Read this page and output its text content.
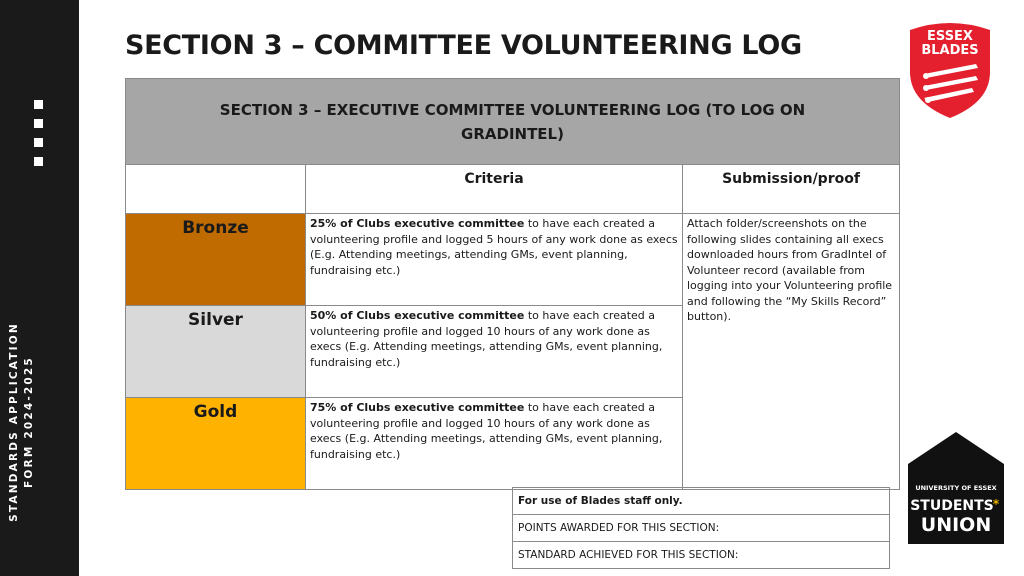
STANDARDS APPLICATION FORM 2024-2025
SECTION 3 – COMMITTEE VOLUNTEERING LOG	ESSEX
BLADES
UNIVERSITY OF ESSEX
STUDENTS *
UNION
SECTION 3 – EXECUTIVE COMMITTEE VOLUNTEERING LOG (TO LOG ON GRADINTEL)		
	Criteria	Submission/proof
Bronze	25% of Clubs executive committee to have each created a volunteering profile and logged 5 hours of any work done as execs (E.g. Attending meetings, attending GMs, event planning, fundraising etc.)	Attach folder/screenshots on the following slides containing all execs downloaded hours from GradIntel of Volunteer record (available from logging into your Volunteering profile and following the “My Skills Record” button).
Silver	50% of Clubs executive committee to have each created a volunteering profile and logged 10 hours of any work done as execs (E.g. Attending meetings, attending GMs, event planning, fundraising etc.)	
Gold	75% of Clubs executive committee to have each created a volunteering profile and logged 10 hours of any work done as execs (E.g. Attending meetings, attending GMs, event planning, fundraising etc.)	
For use of Blades staff only.
POINTS AWARDED FOR THIS SECTION:
STANDARD ACHIEVED FOR THIS SECTION:
